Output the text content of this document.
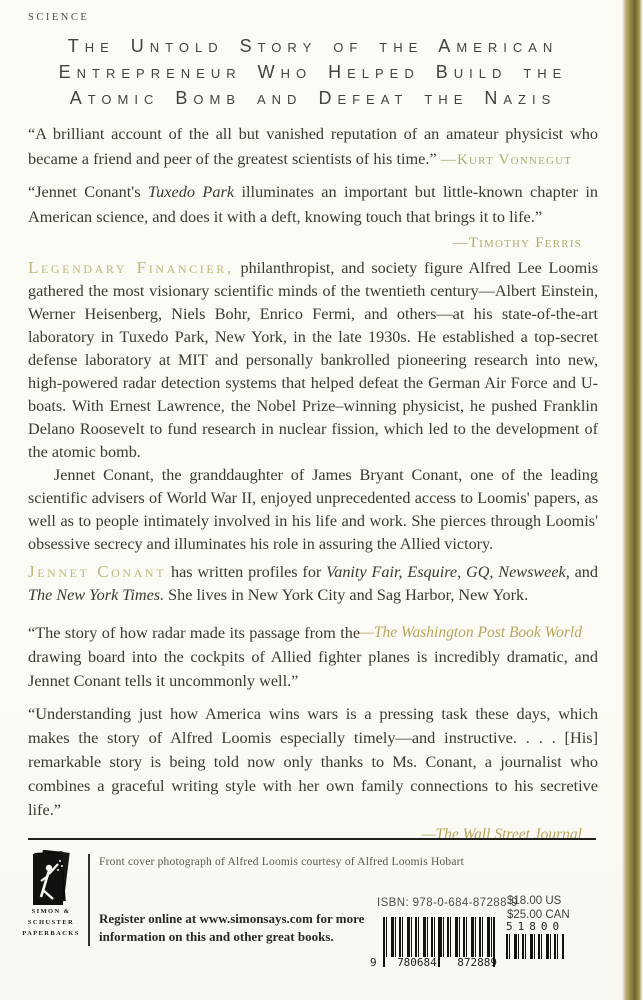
SCIENCE
The Untold Story of the American
Entrepreneur Who Helped Build the
Atomic Bomb and Defeat the Nazis

“A brilliant account of the all but vanished reputation of an amateur physicist who became a friend and peer of the greatest scientists of his time.” —Kurt Vonnegut

“Jennet Conant's Tuxedo Park illuminates an important but little-known chapter in American science, and does it with a deft, knowing touch that brings it to life.”
—Timothy Ferris

Legendary Financier, philanthropist, and society figure Alfred Lee Loomis gathered the most visionary scientific minds of the twentieth century—Albert Einstein, Werner Heisenberg, Niels Bohr, Enrico Fermi, and others—at his state-of-the-art laboratory in Tuxedo Park, New York, in the late 1930s. He established a top-secret defense laboratory at MIT and personally bankrolled pioneering research into new, high-powered radar detection systems that helped defeat the German Air Force and U-boats. With Ernest Lawrence, the Nobel Prize–winning physicist, he pushed Franklin Delano Roosevelt to fund research in nuclear fission, which led to the development of the atomic bomb.

Jennet Conant, the granddaughter of James Bryant Conant, one of the leading scientific advisers of World War II, enjoyed unprecedented access to Loomis' papers, as well as to people intimately involved in his life and work. She pierces through Loomis' obsessive secrecy and illuminates his role in assuring the Allied victory.

Jennet Conant has written profiles for Vanity Fair, Esquire, GQ, Newsweek, and The New York Times. She lives in New York City and Sag Harbor, New York.

—The Washington Post Book World
“The story of how radar made its passage from the drawing board into the cockpits of Allied fighter planes is incredibly dramatic, and Jennet Conant tells it uncommonly well.”

“Understanding just how America wins wars is a pressing task these days, which makes the story of Alfred Loomis especially timely—and instructive. . . . [His] remarkable story is being told now only thanks to Ms. Conant, a journalist who combines a graceful writing style with her own family connections to his secretive life.”
—The Wall Street Journal

SIMON &
SCHUSTER
PAPERBACKS
Front cover photograph of Alfred Loomis courtesy of Alfred Loomis Hobart
Register online at www.simonsays.com for more information on this and other great books.
ISBN: 978-0-684-87288-9
$18.00 US
$25.00 CAN
9 780684 872889
51800
